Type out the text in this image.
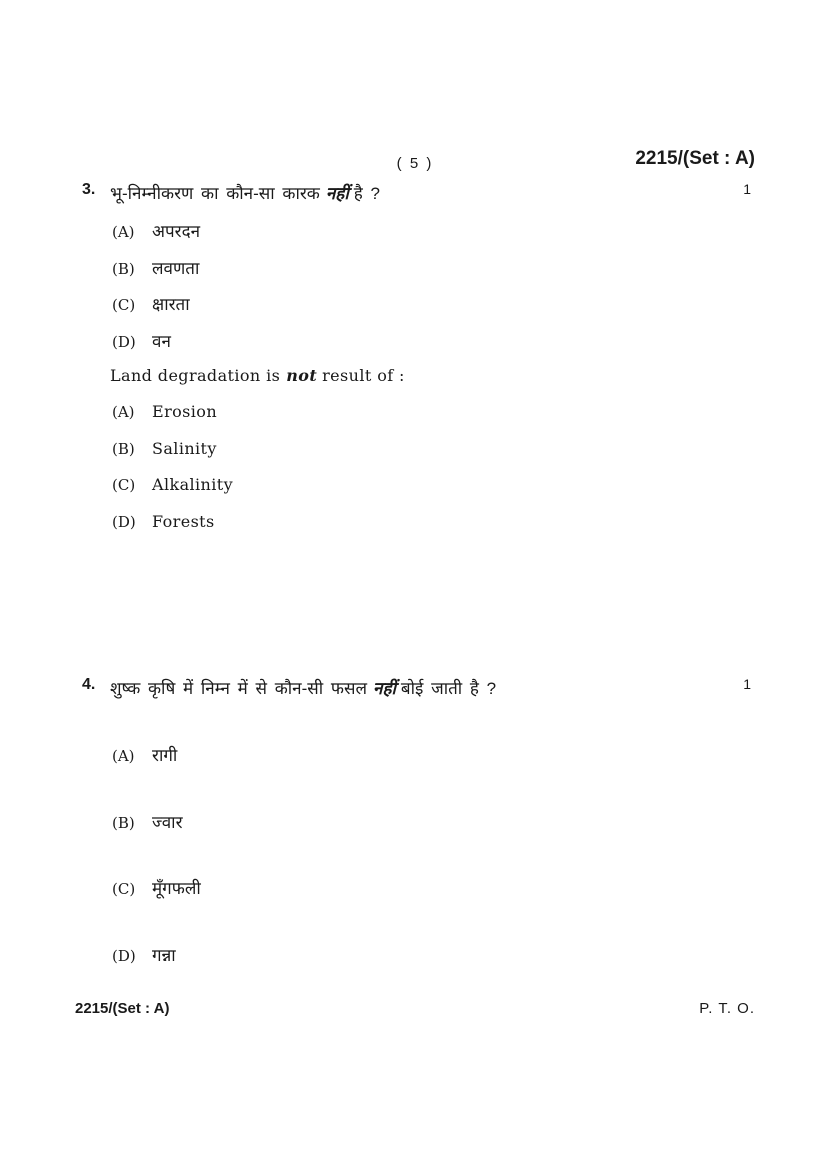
( 5 )	2215/(Set : A)
3. भू-निम्नीकरण का कौन-सा कारक नहीं है ?	1
(A) अपरदन
(B) लवणता
(C) क्षारता
(D) वन
Land degradation is not result of :
(A) Erosion
(B) Salinity
(C) Alkalinity
(D) Forests
4. शुष्क कृषि में निम्न में से कौन-सी फसल नहीं बोई जाती है ?	1
(A) रागी
(B) ज्वार
(C) मूँगफली
(D) गन्ना
2215/(Set : A)	P. T. O.
